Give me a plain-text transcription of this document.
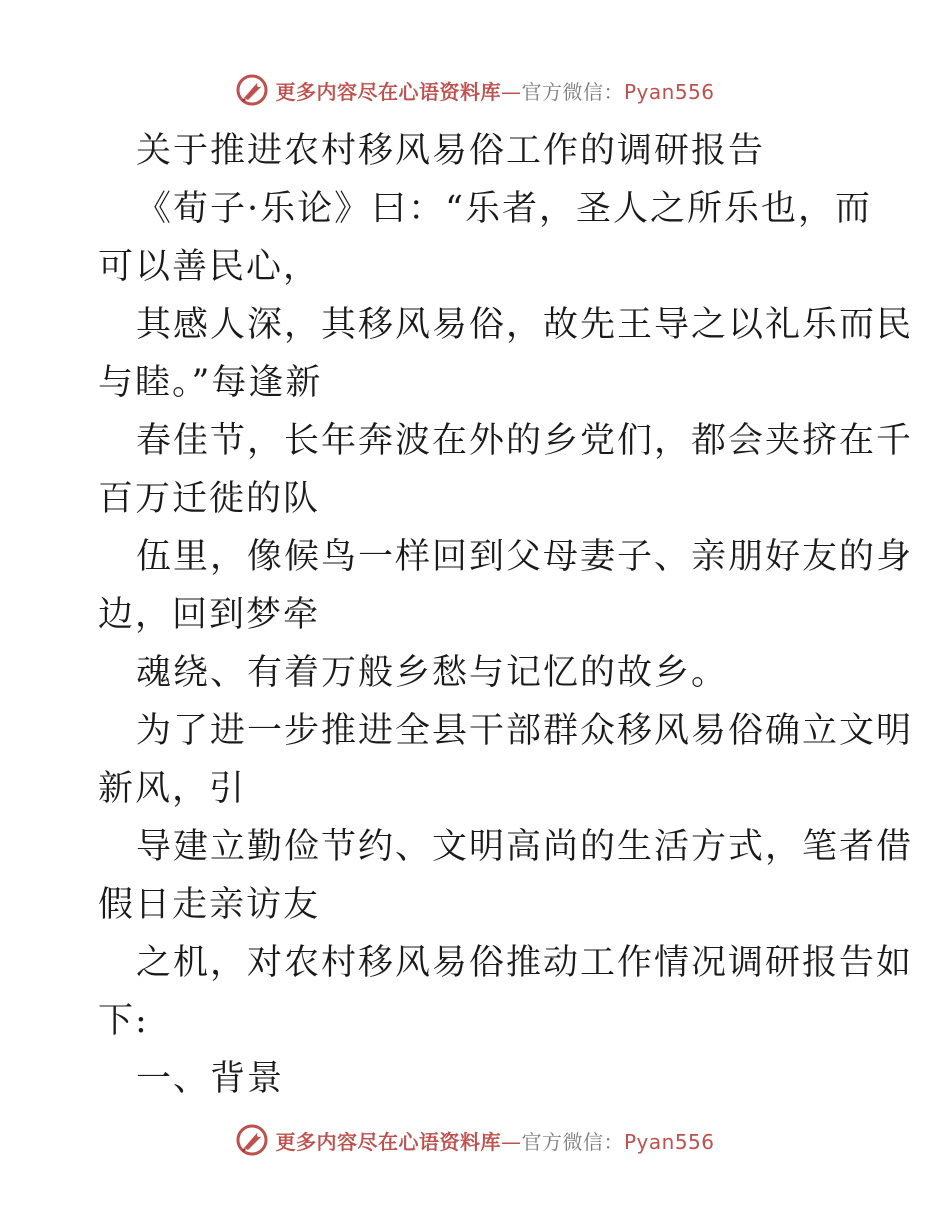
更多内容尽在心语资料库—官方微信：Pyan556
关于推进农村移风易俗工作的调研报告
《荀子·乐论》曰：“乐者，圣人之所乐也，而
可以善民心，
其感人深，其移风易俗，故先王导之以礼乐而民
与睦。”每逢新
春佳节，长年奔波在外的乡党们，都会夹挤在千
百万迁徙的队
伍里，像候鸟一样回到父母妻子、亲朋好友的身
边，回到梦牵
魂绕、有着万般乡愁与记忆的故乡。
为了进一步推进全县干部群众移风易俗确立文明
新风，引
导建立勤俭节约、文明高尚的生活方式，笔者借
假日走亲访友
之机，对农村移风易俗推动工作情况调研报告如
下:
一、背景
更多内容尽在心语资料库—官方微信：Pyan556
